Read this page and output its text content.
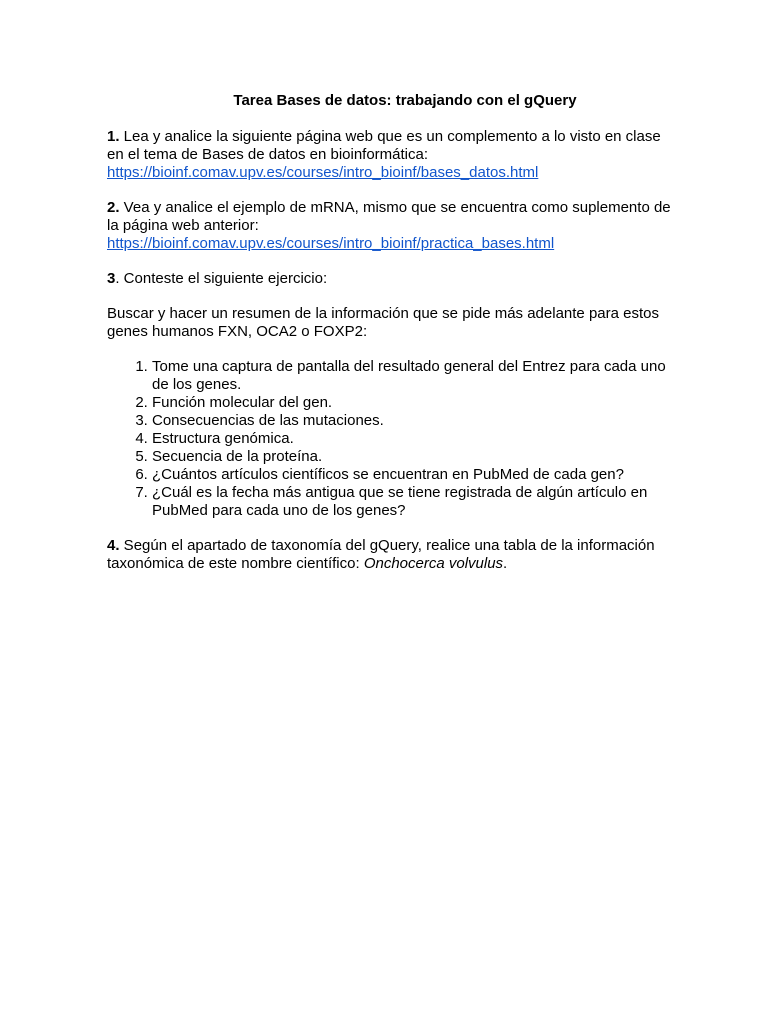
Tarea Bases de datos: trabajando con el gQuery

1. Lea y analice la siguiente página web que es un complemento a lo visto en clase en el tema de Bases de datos en bioinformática:
https://bioinf.comav.upv.es/courses/intro_bioinf/bases_datos.html

2. Vea y analice el ejemplo de mRNA, mismo que se encuentra como suplemento de la página web anterior:
https://bioinf.comav.upv.es/courses/intro_bioinf/practica_bases.html

3. Conteste el siguiente ejercicio:

Buscar y hacer un resumen de la información que se pide más adelante para estos genes humanos FXN, OCA2 o FOXP2:

1. Tome una captura de pantalla del resultado general del Entrez para cada uno de los genes.
2. Función molecular del gen.
3. Consecuencias de las mutaciones.
4. Estructura genómica.
5. Secuencia de la proteína.
6. ¿Cuántos artículos científicos se encuentran en PubMed de cada gen?
7. ¿Cuál es la fecha más antigua que se tiene registrada de algún artículo en PubMed para cada uno de los genes?

4. Según el apartado de taxonomía del gQuery, realice una tabla de la información taxonómica de este nombre científico: Onchocerca volvulus.
